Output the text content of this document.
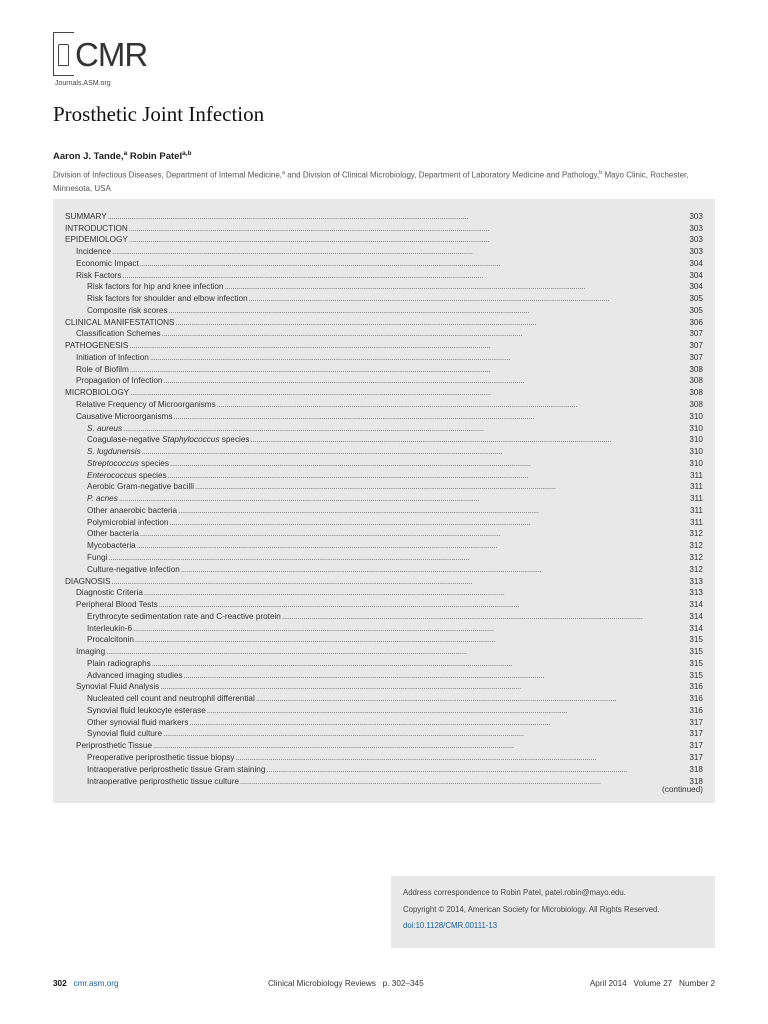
CMR
Journals.ASM.org
Prosthetic Joint Infection
Aaron J. Tande,$^a$ Robin Patel$^{a,b}$
Division of Infectious Diseases, Department of Internal Medicine,$^a$ and Division of Clinical Microbiology, Department of Laboratory Medicine and Pathology,$^b$ Mayo Clinic, Rochester, Minnesota, USA
SUMMARY . . .	303
INTRODUCTION . . .	303
EPIDEMIOLOGY . . .	303
Incidence . . .	303
Economic Impact . . .	304
Risk Factors . . .	304
Risk factors for hip and knee infection . . .	304
Risk factors for shoulder and elbow infection . . .	305
Composite risk scores . . .	305
CLINICAL MANIFESTATIONS . . .	306
Classification Schemes . . .	307
PATHOGENESIS . . .	307
Initiation of Infection . . .	307
Role of Biofilm . . .	308
Propagation of Infection . . .	308
MICROBIOLOGY . . .	308
Relative Frequency of Microorganisms . . .	308
Causative Microorganisms . . .	310
S. aureus . . .	310
Coagulase-negative Staphylococcus species . . .	310
S. lugdunensis . . .	310
Streptococcus species . . .	310
Enterococcus species . . .	311
Aerobic Gram-negative bacilli . . .	311
P. acnes . . .	311
Other anaerobic bacteria . . .	311
Polymicrobial infection . . .	311
Other bacteria . . .	312
Mycobacteria . . .	312
Fungi . . .	312
Culture-negative infection . . .	312
DIAGNOSIS . . .	313
Diagnostic Criteria . . .	313
Peripheral Blood Tests . . .	314
Erythrocyte sedimentation rate and C-reactive protein . . .	314
Interleukin-6 . . .	314
Procalcitonin . . .	315
Imaging . . .	315
Plain radiographs . . .	315
Advanced imaging studies . . .	315
Synovial Fluid Analysis . . .	316
Nucleated cell count and neutrophil differential . . .	316
Synovial fluid leukocyte esterase . . .	316
Other synovial fluid markers . . .	317
Synovial fluid culture . . .	317
Periprosthetic Tissue . . .	317
Preoperative periprosthetic tissue biopsy . . .	317
Intraoperative periprosthetic tissue Gram staining . . .	318
Intraoperative periprosthetic tissue culture . . .	318
(continued)
Address correspondence to Robin Patel, patel.robin@mayo.edu.
Copyright © 2014, American Society for Microbiology. All Rights Reserved.
doi:10.1128/CMR.00111-13
302 cmr.asm.org	Clinical Microbiology Reviews   p. 302–345	April 2014   Volume 27   Number 2
